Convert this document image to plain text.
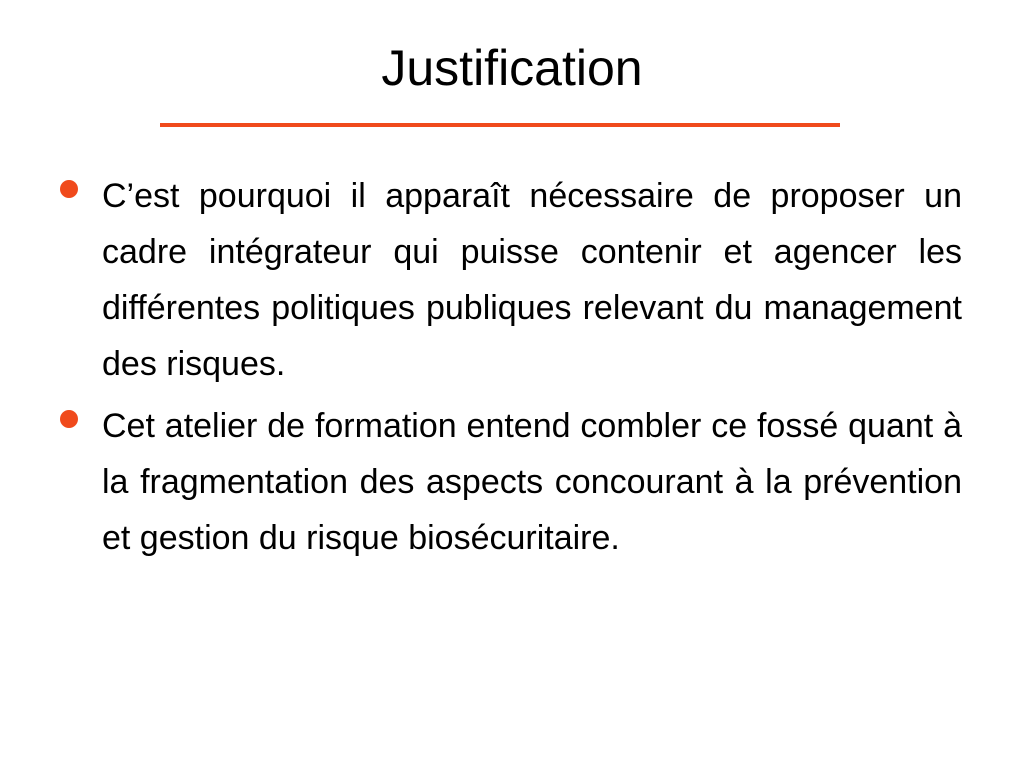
Justification
C’est pourquoi il apparaît nécessaire de proposer un cadre intégrateur qui puisse contenir et agencer les différentes politiques publiques relevant du management des risques.
Cet atelier de formation entend combler ce fossé quant à la fragmentation des aspects concourant à la prévention et gestion du risque biosécuritaire.
